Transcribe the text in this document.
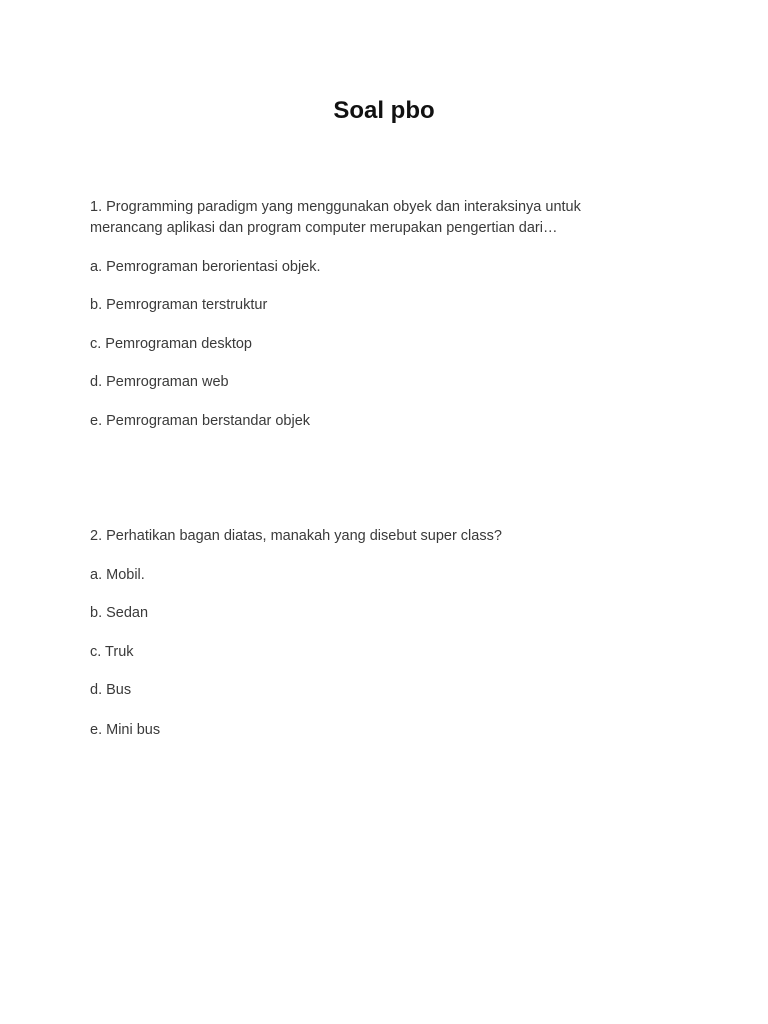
Soal pbo

1. Programming paradigm yang menggunakan obyek dan interaksinya untuk merancang aplikasi dan program computer merupakan pengertian dari…

a. Pemrograman berorientasi objek.

b. Pemrograman terstruktur

c. Pemrograman desktop

d. Pemrograman web

e. Pemrograman berstandar objek

2. Perhatikan bagan diatas, manakah yang disebut super class?

a. Mobil.

b. Sedan

c. Truk

d. Bus

e. Mini bus
